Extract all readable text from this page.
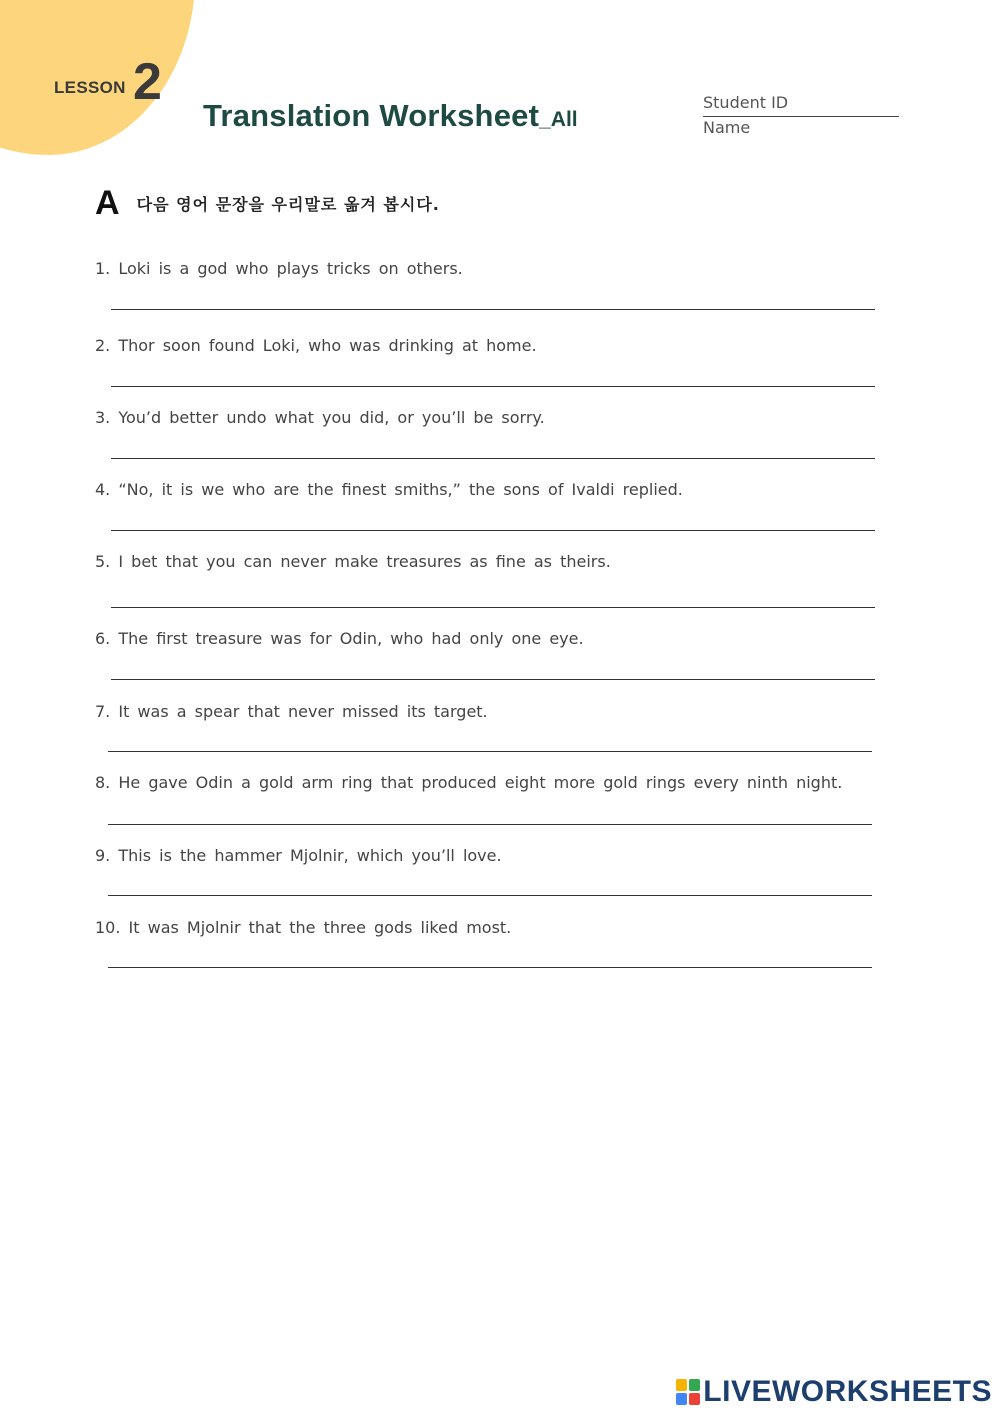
LESSON 2
Translation Worksheet_All
Student ID
Name
A 다음 영어 문장을 우리말로 옮겨 봅시다.
1. Loki is a god who plays tricks on others.
2. Thor soon found Loki, who was drinking at home.
3. You’d better undo what you did, or you’ll be sorry.
4. “No, it is we who are the finest smiths,” the sons of Ivaldi replied.
5. I bet that you can never make treasures as fine as theirs.
6. The first treasure was for Odin, who had only one eye.
7. It was a spear that never missed its target.
8. He gave Odin a gold arm ring that produced eight more gold rings every ninth night.
9. This is the hammer Mjolnir, which you’ll love.
10. It was Mjolnir that the three gods liked most.
LIVEWORKSHEETS
